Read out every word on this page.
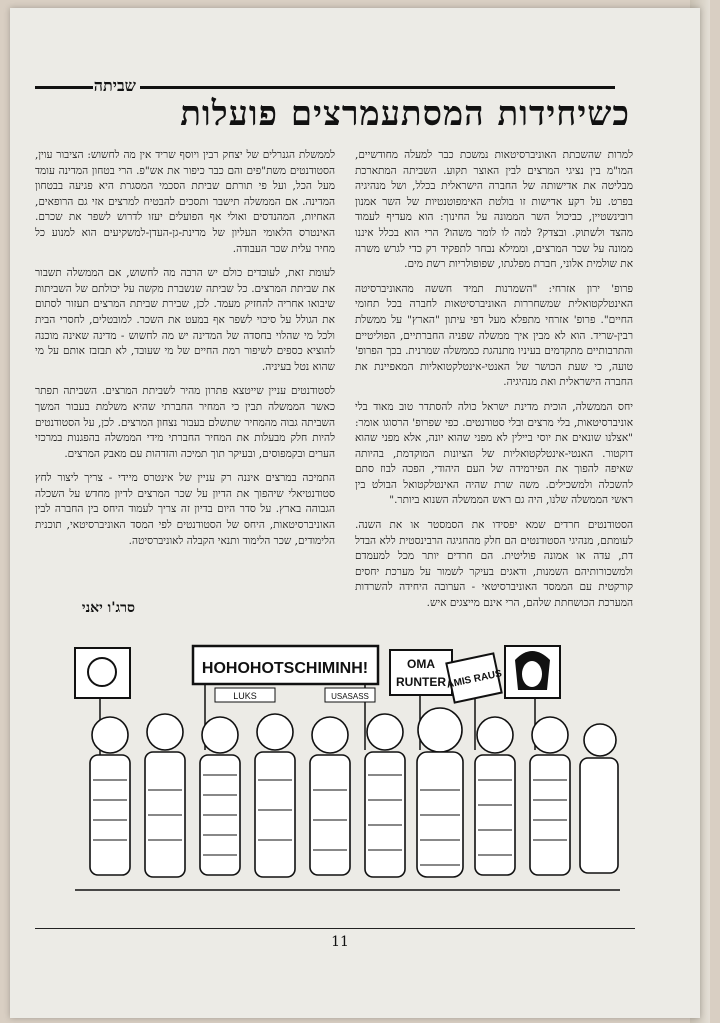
שביתה
כשיחידות המסתעמרצים פועלות

למרות שהשכתת האוניברסיטאות נמשכת כבר למעלה מחודשיים, המו"מ בין נציגי המרצים לבין האוצר תקוע. השביתה המתארכת מבליטה את אדישותה של החברה הישראלית בכלל, ושל מנהיגיה בפרט. על רקע אדישות זו בולטת האימפוטנטיות של השר אמנון רובינשטיין, כביכול השר הממונה על החינוך: הוא מעדיף לעמוד מהצד ולשתוק. ובצדק? למה לו לומר משהו? הרי הוא בכלל איננו ממונה על שכר המרצים, וממילא נבחר לתפקיד רק כדי לגרש משרה את שולמית אלוני, חברת מפלגתו, שפופולריות רשת מים.

פרופ' ירון אזרחי: "השמרנות תמיד חששה מהאוניברסיטה האינטלקטואלית שמשחררות האוניברסיטאות לחברה בכל תחומי החיים". פרופ' אזרחי מתפלא מעל דפי עיתון "הארץ" על ממשלת רבין-שריד. הוא לא מבין איך ממשלה שפניה החברתיים, הפוליטיים והתרבותיים מתקדמים בעיניו מתנהגת כממשלה שמרנית. בכך הפרופ' טועה, כי שעת הכושר של האנטי-אינטלקטואליות המאפיינת את החברה הישראלית ואת מנהיגיה.

יחס הממשלה, הוכית מדינת ישראל כולה להסתדר טוב מאוד בלי אוניברסיטאות, בלי מרצים ובלי סטודנטים. כפי שפרופ' הרסוגו אומר: "אצלנו שונאים את יוסי ביילין לא מפני שהוא יונה, אלא מפני שהוא דוקטור. האנטי-אינטלקטואליות של הציונות המוקדמת, בהיותה שאיפה להפוך את הפירמידה של העם היהודי, הפכה לבוז סתם להשכלה ולמשכילים. משה שרת שהיה האינטלקטואל הבולט בין ראשי הממשלה שלנו, היה גם ראש הממשלה השנוא ביותר."

הסטודנטים חרדים שמא יפסידו את הסמסטר או את השנה. לעומתם, מנהיגי הסטודנטים הם חלק מהחגיגה הרבינסטית ללא הבדל דת, עדה או אמונה פוליטית. הם חרדים יותר מכל למעמדם ולמשכורותיהם השמנות, ודאגים בעיקר לשמור על מערכת יחסים קורקטית עם הממסד האוניברסיטאי - הערובה היחידה להשרדות המערכת הכושחתת שלהם, הרי אינם מייצגים איש.

לממשלת הגנרלים של יצחק רבין ויוסף שריד אין מה לחשוש: הציבור עוין, הסטודנטים משת"פים והם כבר כיפור את אש"פ. הרי בטחון המדינה עומד מעל הכל, ועל פי תורתם שביתת הסכמי המסגרת היא פגיעה בבטחון המדינה. אם הממשלה תישבר ותסכים להבטיח למרצים אזי גם הרופאים, האחיות, המהנדסים ואולי אף הפועלים יעזו לדרוש לשפר את שכרם. האינטרס הלאומי העליון של מדינת-גן-העדן-למשקיעים הוא למנוע כל מחיר עלית שכר העבודה.

לעומת זאת, לעובדים כולם יש הרבה מה לחשוש, אם הממשלה תשבור את שביתת המרצים. כל שביתה שנשברת מקשה על יכולתם של השביתות שיבואו אחריה להחזיק מעמד. לכן, שבירת שביתת המרצים תעזור לסתום את הגולל על סיכוי לשפר אף במעט את השכר. למובטלים, לחסרי הבית ולכל מי שהלוי בחסדה של המדינה יש מה לחשוש - מדינה שאינה מוכנה להוציא כספים לשיפור רמת החיים של מי שעובד, לא תבזבז אותם על מי שהוא נטל בעיניה.

לסטודנטים עניין שייטצא פתרון מהיר לשביתת המרצים. השביתה תפתר כאשר הממשלה תבין כי המחיר החברתי שהיא משלמת בעבור המשך השביתה גבוה מהמחיר שתשלם בעבור נצחון המרצים. לכן, על הסטודנטים להיות חלק מבעלות את המחיר החברתי מידי הממשלה בהפגנות במרכזי הערים ובקמפוסים, ובעיקר תוך תמיכה והזדהות עם מאבק המרצים.

התמיכה במרצים איננה רק עניין של אינטרס מיידי - צריך ליצור לחץ סטודנטיאלי שיהפוך את הדיון על שכר המרצים לדיון מחדש על השכלה הגבוהה בארץ. על סדר היום בדיון זה צריך לעמוד היחס בין החברה לבין האוניברסיטאות, היחס של הסטודנטים לפי המסד האוניברסיטאי, תוכנית הלימודים, שכר הלימוד ותנאי הקבלה לאוניברסיטה.

סרג'ו יאני
HOHOHOTSCHIMINH!
LUKS	USASASS
OMA
RUNTER AMIS RAUS
11
